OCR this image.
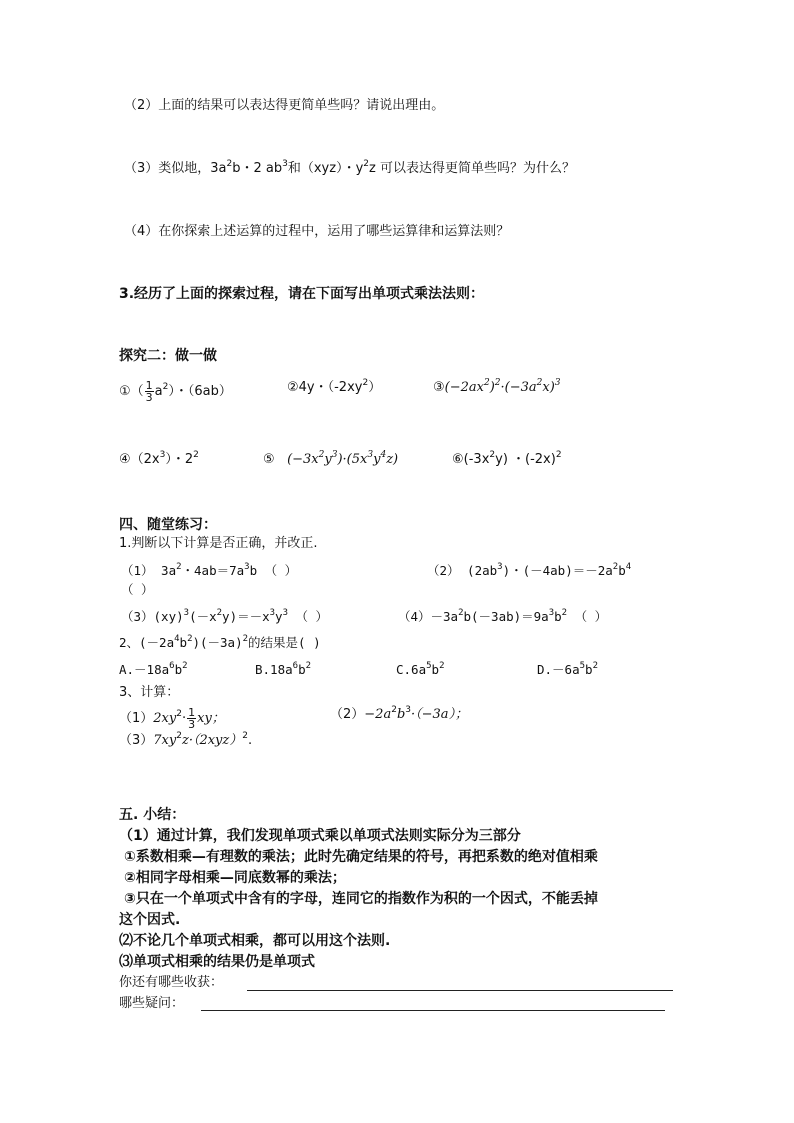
（2）上面的结果可以表达得更简单些吗？请说出理由。
（3）类似地，$3a^2b$・2 $ab^3$和（xyz）・$y^2z$ 可以表达得更简单些吗？为什么？
（4）在你探索上述运算的过程中，运用了哪些运算律和运算法则？
3.经历了上面的探索过程，请在下面写出单项式乘法法则：
探究二：做一做
①（ $\frac{1}{3} a^2$）・（6ab）	②4y・$(-2xy^2)$	$③(-2ax^2)^2\cdot(-3a^2x)^3$
$④(2x^3)$・$2^2$	⑤ $(-3x^2y^3)\cdot(5x^3y^4z)$	$⑥(-3x^2y)$ ・$(-2x)^2$
四、随堂练习：
1.判断以下计算是否正确，并改正.
（1） $3a^2$・$4ab=7a^3b$ （ ）	（2） $(2ab^3)$・$(-4ab)=-2a^2b^4$
（ ）
$(3)(xy)^3(-x^2y)=-x^3y^3$ （ ）	$(4)-3a^2b(-3ab)=9a^3b^2$ （ ）
2、$(-2a^4b^2)(-3a)^2$的结果是( )
$A.-18a^6b^2$	$B.18a^6b^2$	$C.6a^5b^2$	$D.-6a^5b^2$
3、计算：
$(1)2xy^2\cdot \frac{1}{3}$ xy；	$(2)-2a^2b^3\cdot(-3a)$；
$(3)7xy^2z\cdot(2xyz)^2$.
五. 小结：
（1）通过计算，我们发现单项式乘以单项式法则实际分为三部分
①系数相乘—有理数的乘法；此时先确定结果的符号，再把系数的绝对值相乘
②相同字母相乘—同底数幂的乘法；
③只在一个单项式中含有的字母，连同它的指数作为积的一个因式，不能丢掉
这个因式.
⑵不论几个单项式相乘，都可以用这个法则.
⑶单项式相乘的结果仍是单项式
你还有哪些收获：
哪些疑问：
